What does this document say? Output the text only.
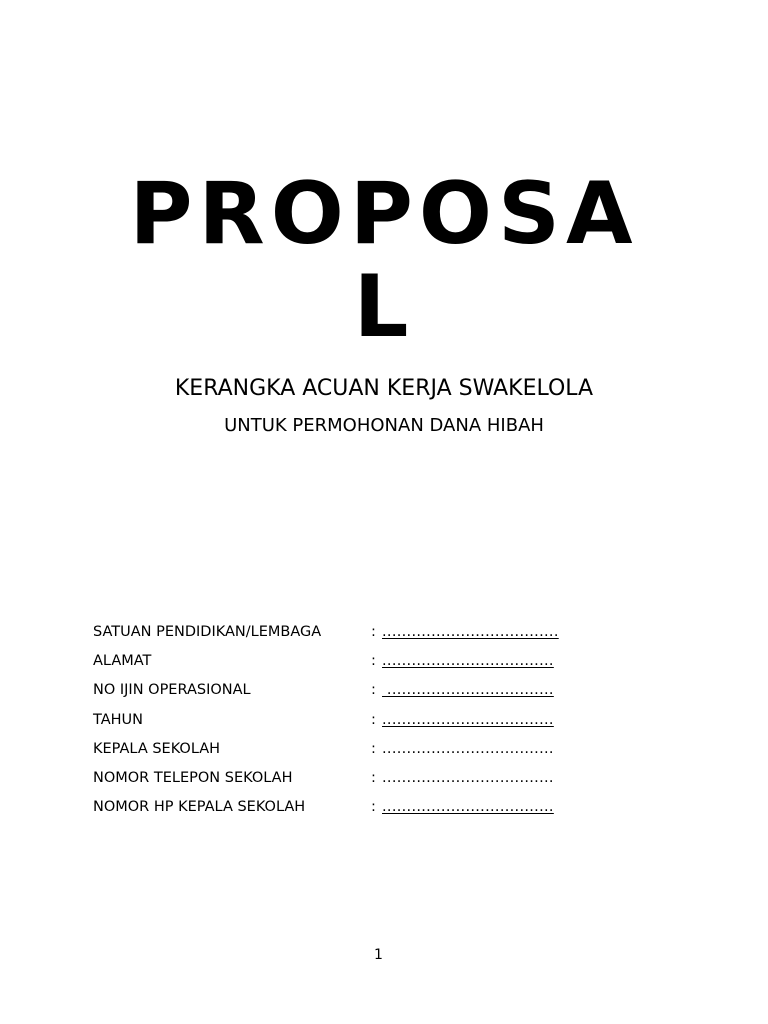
PROPOSAL

KERANGKA ACUAN KERJA SWAKELOLA

UNTUK PERMOHONAN DANA HIBAH

SATUAN PENDIDIKAN/LEMBAGA	: ....................................
ALAMAT	: ...................................
NO IJIN OPERASIONAL	: ..................................
TAHUN	: ...................................
KEPALA SEKOLAH	: ...................................
NOMOR TELEPON SEKOLAH	: ...................................
NOMOR HP KEPALA SEKOLAH	: ...................................
1
